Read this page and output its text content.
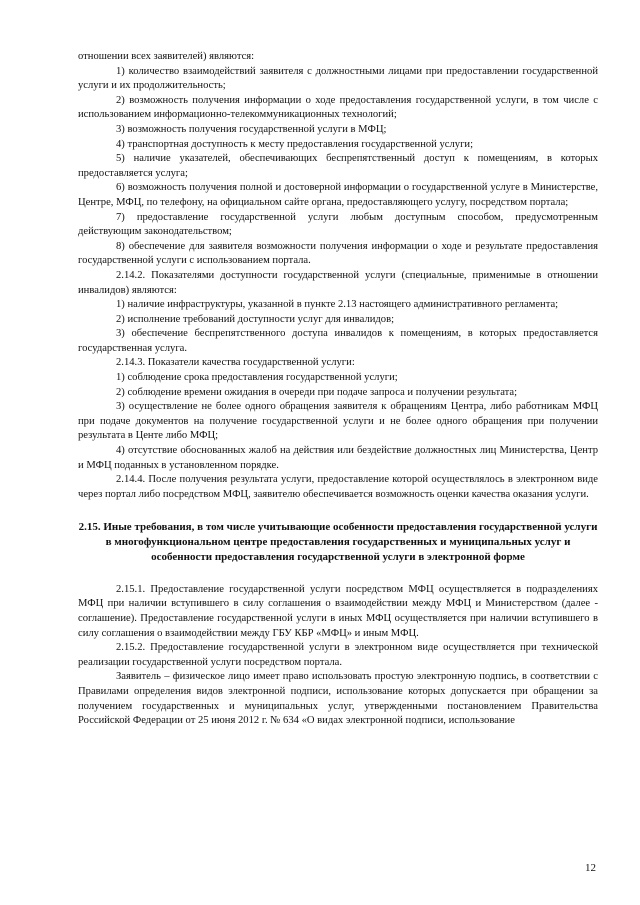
отношении всех заявителей) являются:

1) количество взаимодействий заявителя с должностными лицами при предоставлении государственной услуги и их продолжительность;

2) возможность получения информации о ходе предоставления государственной услуги, в том числе с использованием информационно-телекоммуникационных технологий;

3) возможность получения государственной услуги в МФЦ;

4) транспортная доступность к месту предоставления государственной услуги;

5) наличие указателей, обеспечивающих беспрепятственный доступ к помещениям, в которых предоставляется услуга;

6) возможность получения полной и достоверной информации о государственной услуге в Министерстве, Центре, МФЦ, по телефону, на официальном сайте органа, предоставляющего услугу, посредством портала;

7) предоставление государственной услуги любым доступным способом, предусмотренным действующим законодательством;

8) обеспечение для заявителя возможности получения информации о ходе и результате предоставления государственной услуги с использованием портала.

2.14.2. Показателями доступности государственной услуги (специальные, применимые в отношении инвалидов) являются:

1) наличие инфраструктуры, указанной в пункте 2.13 настоящего административного регламента;

2) исполнение требований доступности услуг для инвалидов;

3) обеспечение беспрепятственного доступа инвалидов к помещениям, в которых предоставляется государственная услуга.

2.14.3. Показатели качества государственной услуги:

1) соблюдение срока предоставления государственной услуги;

2) соблюдение времени ожидания в очереди при подаче запроса и получении результата;

3) осуществление не более одного обращения заявителя к обращениям Центра, либо работникам МФЦ при подаче документов на получение государственной услуги и не более одного обращения при получении результата в Центе либо МФЦ;

4) отсутствие обоснованных жалоб на действия или бездействие должностных лиц Министерства, Центр и МФЦ поданных в установленном порядке.

2.14.4. После получения результата услуги, предоставление которой осуществлялось в электронном виде через портал либо посредством МФЦ, заявителю обеспечивается возможность оценки качества оказания услуги.

2.15. Иные требования, в том числе учитывающие особенности предоставления государственной услуги в многофункциональном центре предоставления государственных и муниципальных услуг и особенности предоставления государственной услуги в электронной форме

2.15.1. Предоставление государственной услуги посредством МФЦ осуществляется в подразделениях МФЦ при наличии вступившего в силу соглашения о взаимодействии между МФЦ и Министерством (далее - соглашение). Предоставление государственной услуги в иных МФЦ осуществляется при наличии вступившего в силу соглашения о взаимодействии между ГБУ КБР «МФЦ» и иным МФЦ.

2.15.2. Предоставление государственной услуги в электронном виде осуществляется при технической реализации государственной услуги посредством портала.

Заявитель – физическое лицо имеет право использовать простую электронную подпись, в соответствии с Правилами определения видов электронной подписи, использование которых допускается при обращении за получением государственных и муниципальных услуг, утвержденными постановлением Правительства Российской Федерации от 25 июня 2012 г. № 634 «О видах электронной подписи, использование

12
